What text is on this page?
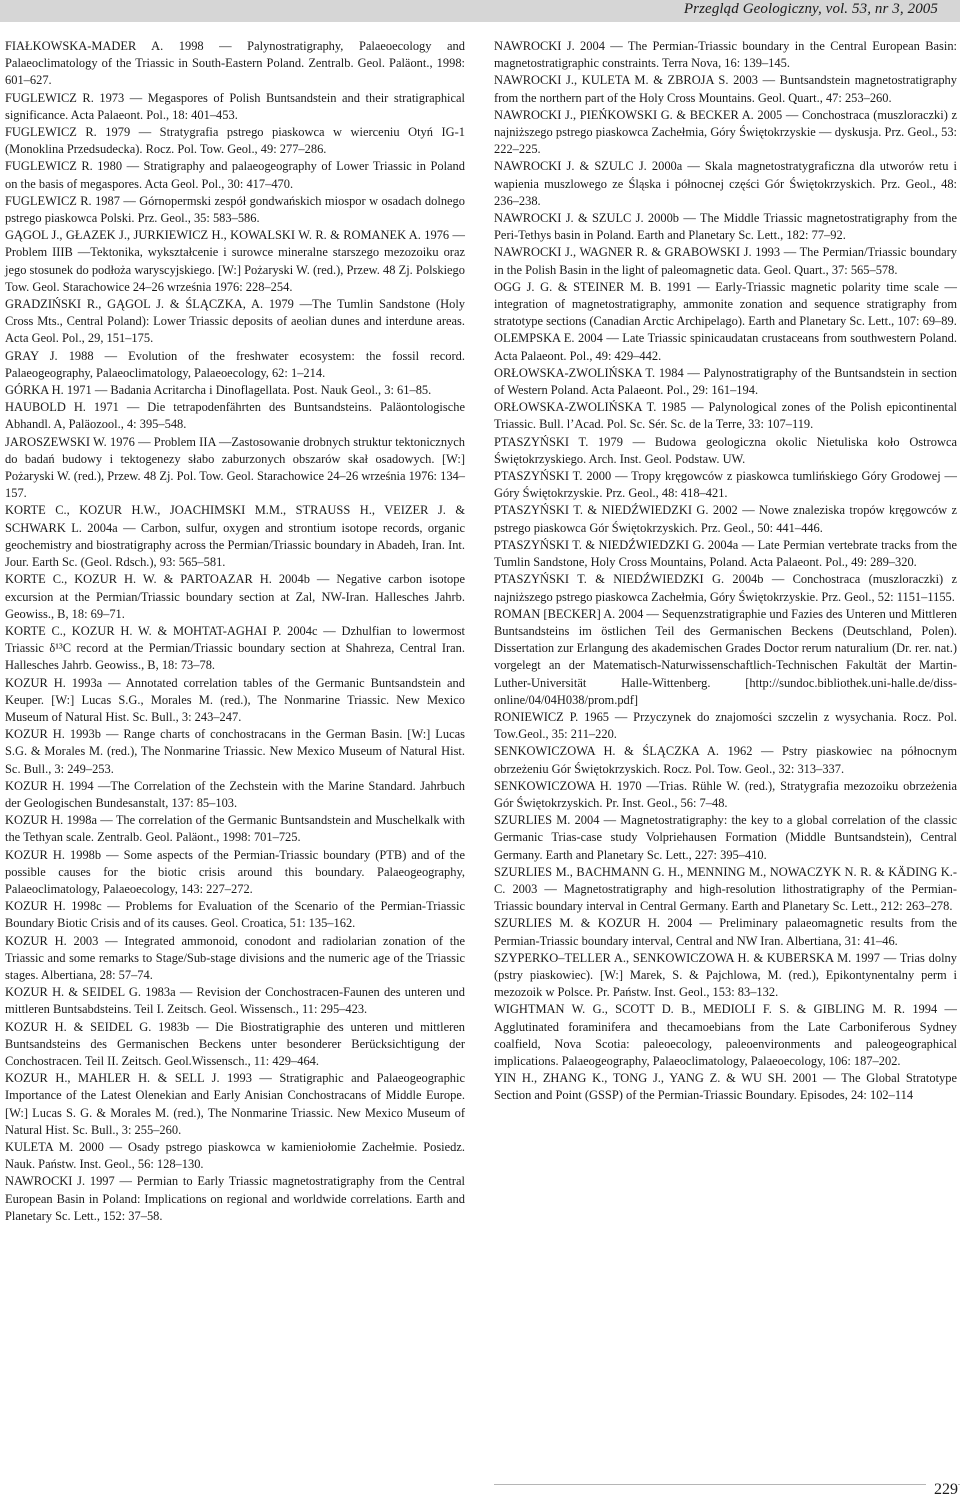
Przegląd Geologiczny, vol. 53, nr 3, 2005

FIAŁKOWSKA-MADER A. 1998 — Palynostratigraphy, Palaeoecology and Palaeoclimatology of the Triassic in South-Eastern Poland. Zentralb. Geol. Paläont., 1998: 601–627.

FUGLEWICZ R. 1973 — Megaspores of Polish Buntsandstein and their stratigraphical significance. Acta Palaeont. Pol., 18: 401–453.

FUGLEWICZ R. 1979 — Stratygrafia pstrego piaskowca w wierceniu Otyń IG-1 (Monoklina Przedsudecka). Rocz. Pol. Tow. Geol., 49: 277–286.

FUGLEWICZ R. 1980 — Stratigraphy and palaeogeography of Lower Triassic in Poland on the basis of megaspores. Acta Geol. Pol., 30: 417–470.

FUGLEWICZ R. 1987 — Górnopermski zespół gondwańskich miospor w osadach dolnego pstrego piaskowca Polski. Prz. Geol., 35: 583–586.

GĄGOL J., GŁAZEK J., JURKIEWICZ H., KOWALSKI W. R. & ROMANEK A. 1976 — Problem IIIB —Tektonika, wykształcenie i surowce mineralne starszego mezozoiku oraz jego stosunek do podłoża waryscyjskiego. [W:] Pożaryski W. (red.), Przew. 48 Zj. Polskiego Tow. Geol. Starachowice 24–26 września 1976: 228–254.

GRADZIŃSKI R., GĄGOL J. & ŚLĄCZKA, A. 1979 —The Tumlin Sandstone (Holy Cross Mts., Central Poland): Lower Triassic deposits of aeolian dunes and interdune areas. Acta Geol. Pol., 29, 151–175.

GRAY J. 1988 — Evolution of the freshwater ecosystem: the fossil record. Palaeogeography, Palaeoclimatology, Palaeoecology, 62: 1–214.

GÓRKA H. 1971 — Badania Acritarcha i Dinoflagellata. Post. Nauk Geol., 3: 61–85.

HAUBOLD H. 1971 — Die tetrapodenfährten des Buntsandsteins. Paläontologische Abhandl. A, Paläozool., 4: 395–548.

JAROSZEWSKI W. 1976 — Problem IIA —Zastosowanie drobnych struktur tektonicznych do badań budowy i tektogenezy słabo zaburzonych obszarów skał osadowych. [W:] Pożaryski W. (red.), Przew. 48 Zj. Pol. Tow. Geol. Starachowice 24–26 września 1976: 134–157.

KORTE C., KOZUR H.W., JOACHIMSKI M.M., STRAUSS H., VEIZER J. & SCHWARK L. 2004a — Carbon, sulfur, oxygen and strontium isotope records, organic geochemistry and biostratigraphy across the Permian/Triassic boundary in Abadeh, Iran. Int. Jour. Earth Sc. (Geol. Rdsch.), 93: 565–581.

KORTE C., KOZUR H. W. & PARTOAZAR H. 2004b — Negative carbon isotope excursion at the Permian/Triassic boundary section at Zal, NW-Iran. Hallesches Jahrb. Geowiss., B, 18: 69–71.

KORTE C., KOZUR H. W. & MOHTAT-AGHAI P. 2004c — Dzhulfian to lowermost Triassic δ¹³C record at the Permian/Triassic boundary section at Shahreza, Central Iran. Hallesches Jahrb. Geowiss., B, 18: 73–78.

KOZUR H. 1993a — Annotated correlation tables of the Germanic Buntsandstein and Keuper. [W:] Lucas S.G., Morales M. (red.), The Nonmarine Triassic. New Mexico Museum of Natural Hist. Sc. Bull., 3: 243–247.

KOZUR H. 1993b — Range charts of conchostracans in the German Basin. [W:] Lucas S.G. & Morales M. (red.), The Nonmarine Triassic. New Mexico Museum of Natural Hist. Sc. Bull., 3: 249–253.

KOZUR H. 1994 —The Correlation of the Zechstein with the Marine Standard. Jahrbuch der Geologischen Bundesanstalt, 137: 85–103.

KOZUR H. 1998a — The correlation of the Germanic Buntsandstein and Muschelkalk with the Tethyan scale. Zentralb. Geol. Paläont., 1998: 701–725.

KOZUR H. 1998b — Some aspects of the Permian-Triassic boundary (PTB) and of the possible causes for the biotic crisis around this boundary. Palaeogeography, Palaeoclimatology, Palaeoecology, 143: 227–272.

KOZUR H. 1998c — Problems for Evaluation of the Scenario of the Permian-Triassic Boundary Biotic Crisis and of its causes. Geol. Croatica, 51: 135–162.

KOZUR H. 2003 — Integrated ammonoid, conodont and radiolarian zonation of the Triassic and some remarks to Stage/Sub-stage divisions and the numeric age of the Triassic stages. Albertiana, 28: 57–74.

KOZUR H. & SEIDEL G. 1983a — Revision der Conchostracen-Faunen des unteren und mittleren Buntsabdsteins. Teil I. Zeitsch. Geol. Wissensch., 11: 295–423.

KOZUR H. & SEIDEL G. 1983b — Die Biostratigraphie des unteren und mittleren Buntsandsteins des Germanischen Beckens unter besonderer Berücksichtigung der Conchostracen. Teil II. Zeitsch. Geol.Wissensch., 11: 429–464.

KOZUR H., MAHLER H. & SELL J. 1993 — Stratigraphic and Palaeogeographic Importance of the Latest Olenekian and Early Anisian Conchostracans of Middle Europe. [W:] Lucas S. G. & Morales M. (red.), The Nonmarine Triassic. New Mexico Museum of Natural Hist. Sc. Bull., 3: 255–260.

KULETA M. 2000 — Osady pstrego piaskowca w kamieniołomie Zachełmie. Posiedz. Nauk. Państw. Inst. Geol., 56: 128–130.

NAWROCKI J. 1997 — Permian to Early Triassic magnetostratigraphy from the Central European Basin in Poland: Implications on regional and worldwide correlations. Earth and Planetary Sc. Lett., 152: 37–58.

NAWROCKI J. 2004 — The Permian-Triassic boundary in the Central European Basin: magnetostratigraphic constraints. Terra Nova, 16: 139–145.

NAWROCKI J., KULETA M. & ZBROJA S. 2003 — Buntsandstein magnetostratigraphy from the northern part of the Holy Cross Mountains. Geol. Quart., 47: 253–260.

NAWROCKI J., PIEŃKOWSKI G. & BECKER A. 2005 — Conchostraca (muszloraczki) z najniższego pstrego piaskowca Zachełmia, Góry Świętokrzyskie — dyskusja. Prz. Geol., 53: 222–225.

NAWROCKI J. & SZULC J. 2000a — Skala magnetostratygraficzna dla utworów retu i wapienia muszlowego ze Śląska i północnej części Gór Świętokrzyskich. Prz. Geol., 48: 236–238.

NAWROCKI J. & SZULC J. 2000b — The Middle Triassic magnetostratigraphy from the Peri-Tethys basin in Poland. Earth and Planetary Sc. Lett., 182: 77–92.

NAWROCKI J., WAGNER R. & GRABOWSKI J. 1993 — The Permian/Triassic boundary in the Polish Basin in the light of paleomagnetic data. Geol. Quart., 37: 565–578.

OGG J. G. & STEINER M. B. 1991 — Early-Triassic magnetic polarity time scale — integration of magnetostratigraphy, ammonite zonation and sequence stratigraphy from stratotype sections (Canadian Arctic Archipelago). Earth and Planetary Sc. Lett., 107: 69–89.

OLEMPSKA E. 2004 — Late Triassic spinicaudatan crustaceans from southwestern Poland. Acta Palaeont. Pol., 49: 429–442.

ORŁOWSKA-ZWOLIŃSKA T. 1984 — Palynostratigraphy of the Buntsandstein in section of Western Poland. Acta Palaeont. Pol., 29: 161–194.

ORŁOWSKA-ZWOLIŃSKA T. 1985 — Palynological zones of the Polish epicontinental Triassic. Bull. l’Acad. Pol. Sc. Sér. Sc. de la Terre, 33: 107–119.

PTASZYŃSKI T. 1979 — Budowa geologiczna okolic Nietuliska koło Ostrowca Świętokrzyskiego. Arch. Inst. Geol. Podstaw. UW.

PTASZYŃSKI T. 2000 — Tropy kręgowców z piaskowca tumlińskiego Góry Grodowej — Góry Świętokrzyskie. Prz. Geol., 48: 418–421.

PTASZYŃSKI T. & NIEDŹWIEDZKI G. 2002 — Nowe znaleziska tropów kręgowców z pstrego piaskowca Gór Świętokrzyskich. Prz. Geol., 50: 441–446.

PTASZYŃSKI T. & NIEDŹWIEDZKI G. 2004a — Late Permian vertebrate tracks from the Tumlin Sandstone, Holy Cross Mountains, Poland. Acta Palaeont. Pol., 49: 289–320.

PTASZYŃSKI T. & NIEDŹWIEDZKI G. 2004b — Conchostraca (muszloraczki) z najniższego pstrego piaskowca Zachełmia, Góry Świętokrzyskie. Prz. Geol., 52: 1151–1155.

ROMAN [BECKER] A. 2004 — Sequenzstratigraphie und Fazies des Unteren und Mittleren Buntsandsteins im östlichen Teil des Germanischen Beckens (Deutschland, Polen). Dissertation zur Erlangung des akademischen Grades Doctor rerum naturalium (Dr. rer. nat.) vorgelegt an der Matematisch-Naturwissenschaftlich-Technischen Fakultät der Martin-Luther-Universität Halle-Wittenberg. [http://sundoc.bibliothek.uni-halle.de/diss-online/04/04H038/prom.pdf]

RONIEWICZ P. 1965 — Przyczynek do znajomości szczelin z wysychania. Rocz. Pol. Tow.Geol., 35: 211–220.

SENKOWICZOWA H. & ŚLĄCZKA A. 1962 — Pstry piaskowiec na północnym obrzeżeniu Gór Świętokrzyskich. Rocz. Pol. Tow. Geol., 32: 313–337.

SENKOWICZOWA H. 1970 —Trias. Rühle W. (red.), Stratygrafia mezozoiku obrzeżenia Gór Świętokrzyskich. Pr. Inst. Geol., 56: 7–48.

SZURLIES M. 2004 — Magnetostratigraphy: the key to a global correlation of the classic Germanic Trias-case study Volpriehausen Formation (Middle Buntsandstein), Central Germany. Earth and Planetary Sc. Lett., 227: 395–410.

SZURLIES M., BACHMANN G. H., MENNING M., NOWACZYK N. R. & KÄDING K.-C. 2003 — Magnetostratigraphy and high-resolution lithostratigraphy of the Permian-Triassic boundary interval in Central Germany. Earth and Planetary Sc. Lett., 212: 263–278.

SZURLIES M. & KOZUR H. 2004 — Preliminary palaeomagnetic results from the Permian-Triassic boundary interval, Central and NW Iran. Albertiana, 31: 41–46.

SZYPERKO–TELLER A., SENKOWICZOWA H. & KUBERSKA M. 1997 — Trias dolny (pstry piaskowiec). [W:] Marek, S. & Pajchlowa, M. (red.), Epikontynentalny perm i mezozoik w Polsce. Pr. Państw. Inst. Geol., 153: 83–132.

WIGHTMAN W. G., SCOTT D. B., MEDIOLI F. S. & GIBLING M. R. 1994 — Agglutinated foraminifera and thecamoebians from the Late Carboniferous Sydney coalfield, Nova Scotia: paleoecology, paleoenvironments and paleogeographical implications. Palaeogeography, Palaeoclimatology, Palaeoecology, 106: 187–202.

YIN H., ZHANG K., TONG J., YANG Z. & WU SH. 2001 — The Global Stratotype Section and Point (GSSP) of the Permian-Triassic Boundary. Episodes, 24: 102–114

229
